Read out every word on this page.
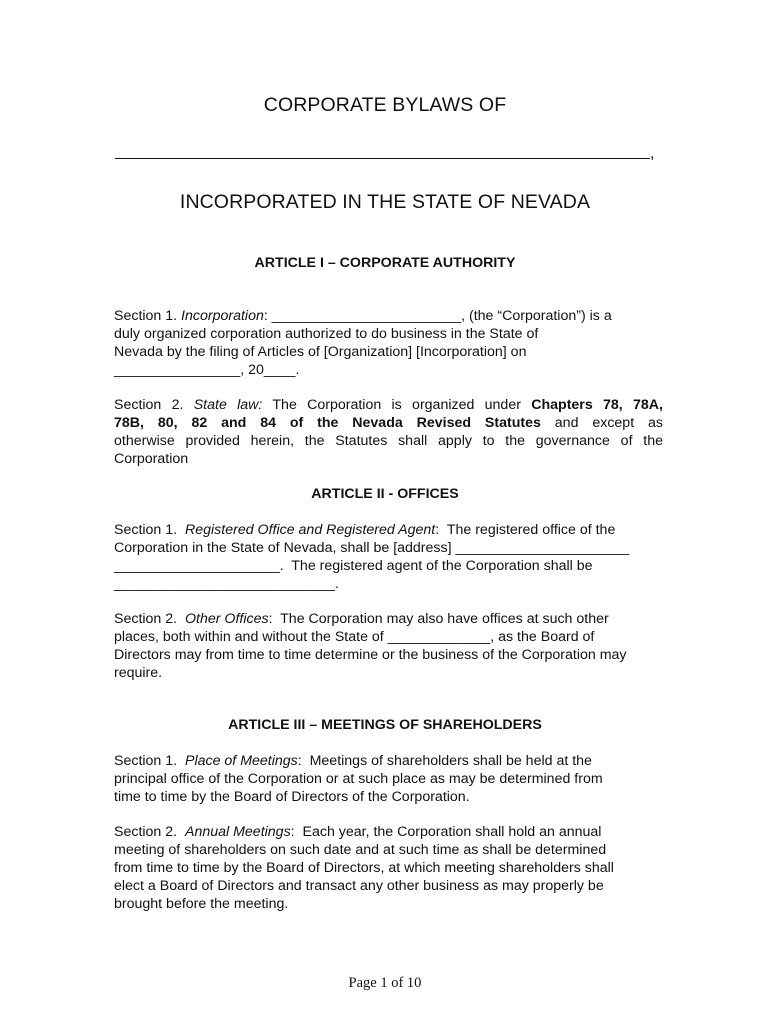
CORPORATE BYLAWS OF
,
INCORPORATED IN THE STATE OF NEVADA
ARTICLE I – CORPORATE AUTHORITY
Section 1. Incorporation: ________________________, (the “Corporation”) is a
duly organized corporation authorized to do business in the State of
Nevada by the filing of Articles of [Organization] [Incorporation] on
________________, 20____.
Section 2. State law: The Corporation is organized under Chapters 78, 78A,
78B, 80, 82 and 84 of the Nevada Revised Statutes and except as
otherwise provided herein, the Statutes shall apply to the governance of the
Corporation
ARTICLE II - OFFICES
Section 1.  Registered Office and Registered Agent:  The registered office of the
Corporation in the State of Nevada, shall be [address] ______________________
_____________________.  The registered agent of the Corporation shall be
____________________________.
Section 2.  Other Offices:  The Corporation may also have offices at such other
places, both within and without the State of _____________, as the Board of
Directors may from time to time determine or the business of the Corporation may
require.
ARTICLE III – MEETINGS OF SHAREHOLDERS
Section 1.  Place of Meetings:  Meetings of shareholders shall be held at the
principal office of the Corporation or at such place as may be determined from
time to time by the Board of Directors of the Corporation.
Section 2.  Annual Meetings:  Each year, the Corporation shall hold an annual
meeting of shareholders on such date and at such time as shall be determined
from time to time by the Board of Directors, at which meeting shareholders shall
elect a Board of Directors and transact any other business as may properly be
brought before the meeting.
Page 1 of 10
